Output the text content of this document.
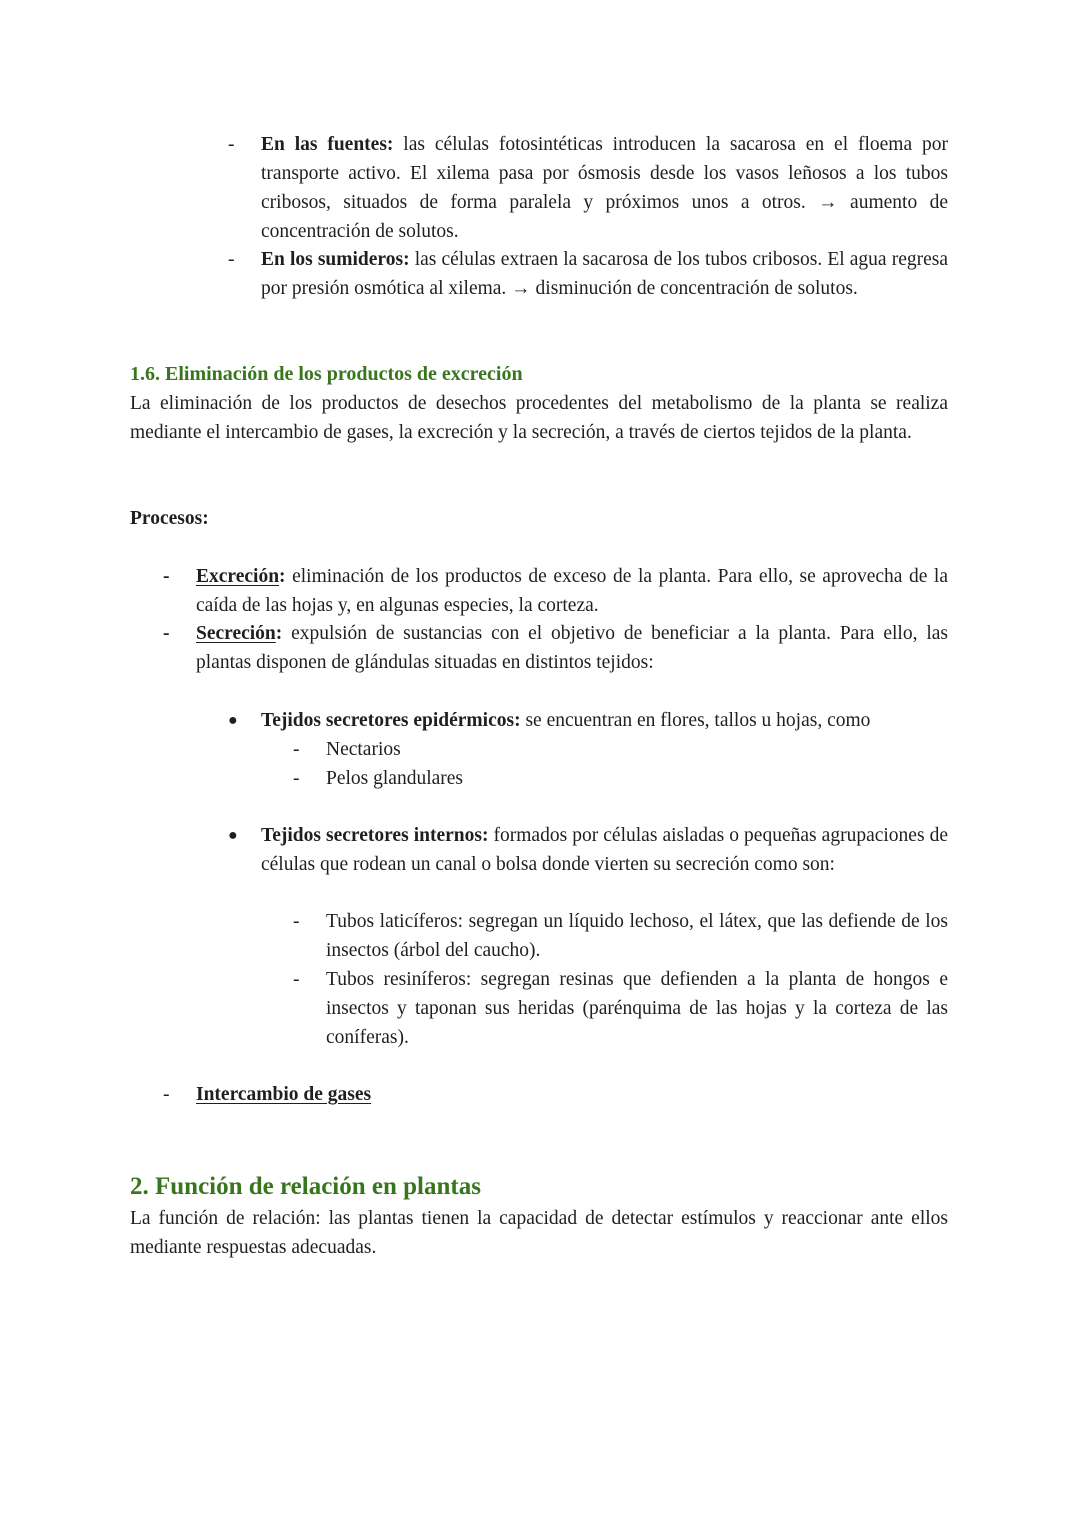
- En las fuentes: las células fotosintéticas introducen la sacarosa en el floema por transporte activo. El xilema pasa por ósmosis desde los vasos leñosos a los tubos cribosos, situados de forma paralela y próximos unos a otros. → aumento de concentración de solutos.

- En los sumideros: las células extraen la sacarosa de los tubos cribosos. El agua regresa por presión osmótica al xilema. → disminución de concentración de solutos.

1.6. Eliminación de los productos de excreción

La eliminación de los productos de desechos procedentes del metabolismo de la planta se realiza mediante el intercambio de gases, la excreción y la secreción, a través de ciertos tejidos de la planta.

Procesos:
- Excreción: eliminación de los productos de exceso de la planta. Para ello, se aprovecha de la caída de las hojas y, en algunas especies, la corteza.

- Secreción: expulsión de sustancias con el objetivo de beneficiar a la planta. Para ello, las plantas disponen de glándulas situadas en distintos tejidos:

● Tejidos secretores epidérmicos: se encuentran en flores, tallos u hojas, como

- Nectarios

- Pelos glandulares

● Tejidos secretores internos: formados por células aisladas o pequeñas agrupaciones de células que rodean un canal o bolsa donde vierten su secreción como son:

- Tubos laticíferos: segregan un líquido lechoso, el látex, que las defiende de los insectos (árbol del caucho).

- Tubos resiníferos: segregan resinas que defienden a la planta de hongos e insectos y taponan sus heridas (parénquima de las hojas y la corteza de las coníferas).

- Intercambio de gases

2. Función de relación en plantas

La función de relación: las plantas tienen la capacidad de detectar estímulos y reaccionar ante ellos mediante respuestas adecuadas.
